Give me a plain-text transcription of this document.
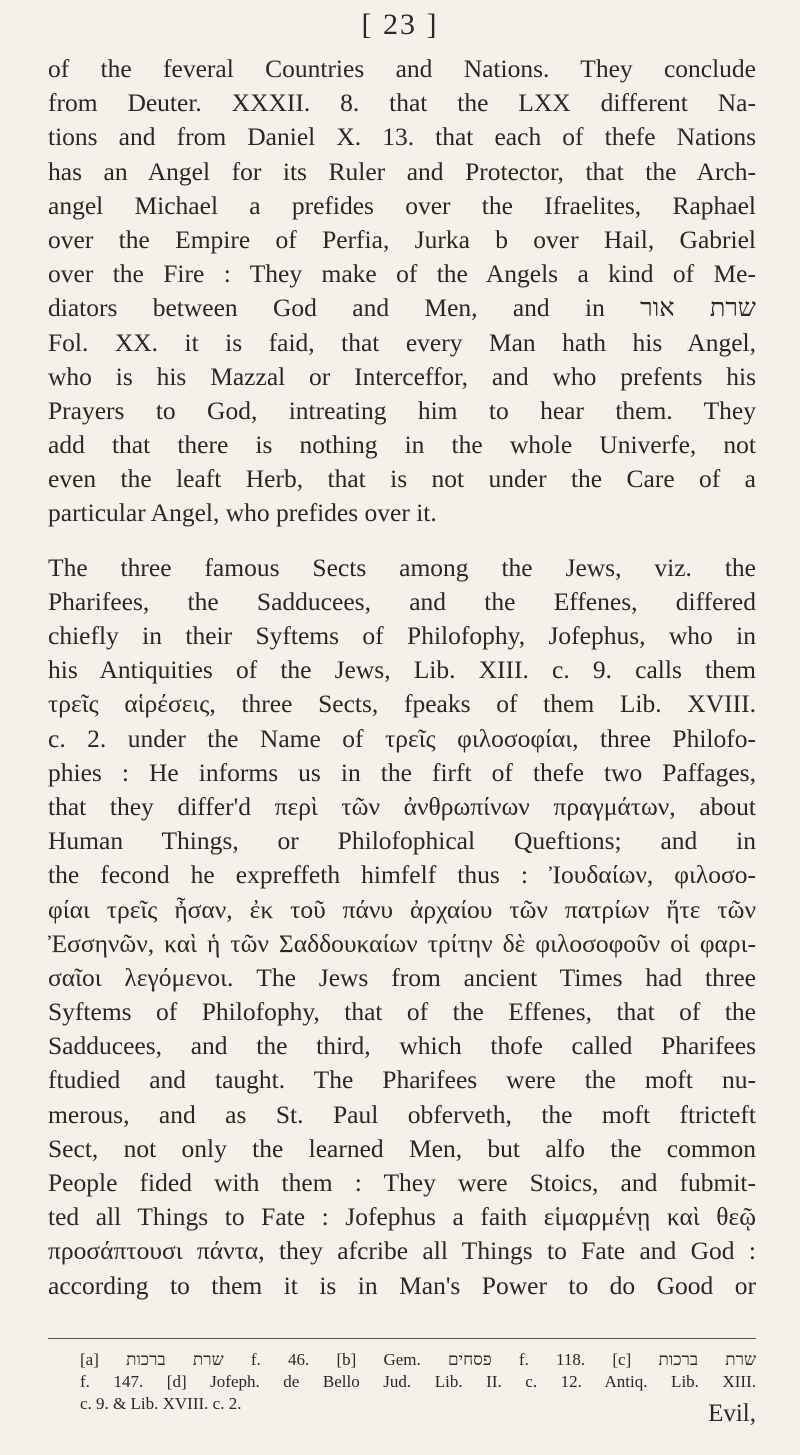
[ 23 ]
of the feveral Countries and Nations. They conclude
from Deuter. XXXII. 8. that the LXX different Na-
tions and from Daniel X. 13. that each of thefe Nations
has an Angel for its Ruler and Protector, that the Arch-
angel Michael a prefides over the Ifraelites, Raphael
over the Empire of Perfia, Jurka b over Hail, Gabriel
over the Fire : They make of the Angels a kind of Me-
diators between God and Men, and in שרת אור
Fol. XX. it is faid, that every Man hath his Angel,
who is his Mazzal or Interceffor, and who prefents his
Prayers to God, intreating him to hear them. They
add that there is nothing in the whole Univerfe, not
even the leaft Herb, that is not under the Care of a
particular Angel, who prefides over it.
The three famous Sects among the Jews, viz. the
Pharifees, the Sadducees, and the Effenes, differed
chiefly in their Syftems of Philofophy, Jofephus, who in
his Antiquities of the Jews, Lib. XIII. c. 9. calls them
τρεῖς αἱρέσεις, three Sects, fpeaks of them Lib. XVIII.
c. 2. under the Name of τρεῖς φιλοσοφίαι, three Philofo-
phies : He informs us in the firft of thefe two Paffages,
that they differ'd περὶ τῶν ἀνθρωπίνων πραγμάτων, about
Human Things, or Philofophical Queftions; and in
the fecond he expreffeth himfelf thus : Ἰουδαίων, φιλοσο-
φίαι τρεῖς ἦσαν, ἐκ τοῦ πάνυ ἀρχαίου τῶν πατρίων ἥτε τῶν
Ἐσσηνῶν, καὶ ἡ τῶν Σαδδουκαίων τρίτην δὲ φιλοσοφοῦν οἱ φαρι-
σαῖοι λεγόμενοι. The Jews from ancient Times had three
Syftems of Philofophy, that of the Effenes, that of the
Sadducees, and the third, which thofe called Pharifees
ftudied and taught. The Pharifees were the moft nu-
merous, and as St. Paul obferveth, the moft ftricteft
Sect, not only the learned Men, but alfo the common
People fided with them : They were Stoics, and fubmit-
ted all Things to Fate : Jofephus a faith εἱμαρμένῃ καὶ θεῷ
προσάπτουσι πάντα, they afcribe all Things to Fate and God :
according to them it is in Man's Power to do Good or
[a] שרת ברכות f. 46. [b] Gem. פסחים f. 118. [c] שרת ברכות
f. 147. [d] Jofeph. de Bello Jud. Lib. II. c. 12. Antiq. Lib. XIII.
c. 9. & Lib. XVIII. c. 2.	Evil,
